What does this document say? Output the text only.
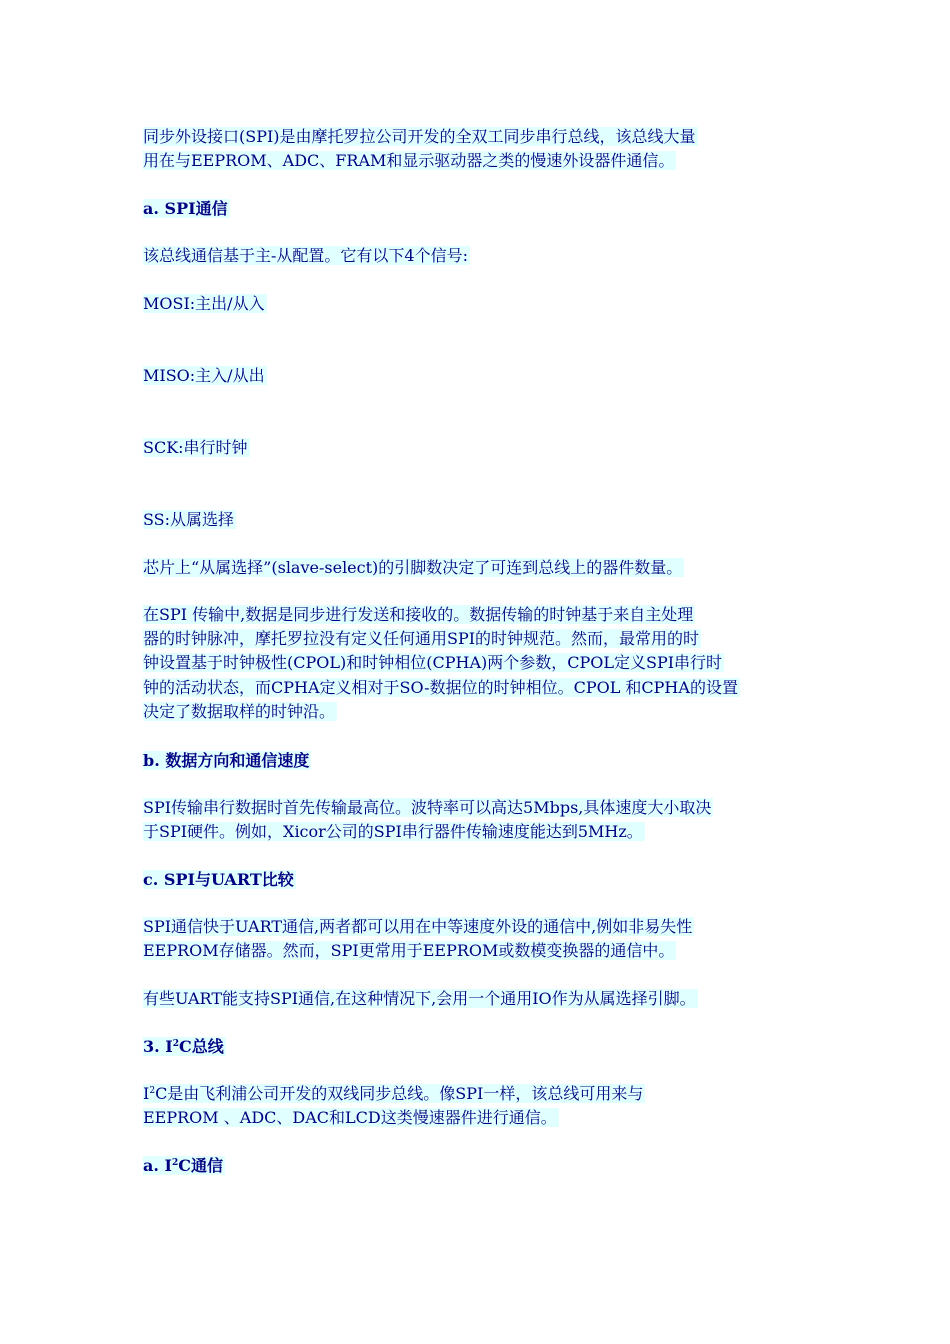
同步外设接口(SPI)是由摩托罗拉公司开发的全双工同步串行总线，该总线大量

用在与EEPROM、ADC、FRAM和显示驱动器之类的慢速外设器件通信。

a. SPI通信

该总线通信基于主-从配置。它有以下4个信号:

MOSI:主出/从入

MISO:主入/从出

SCK:串行时钟

SS:从属选择

芯片上“从属选择”(slave-select)的引脚数决定了可连到总线上的器件数量。

在SPI 传输中,数据是同步进行发送和接收的。数据传输的时钟基于来自主处理

器的时钟脉冲，摩托罗拉没有定义任何通用SPI的时钟规范。然而，最常用的时

钟设置基于时钟极性(CPOL)和时钟相位(CPHA)两个参数，CPOL定义SPI串行时

钟的活动状态，而CPHA定义相对于SO-数据位的时钟相位。CPOL 和CPHA的设置

决定了数据取样的时钟沿。

b. 数据方向和通信速度

SPI传输串行数据时首先传输最高位。波特率可以高达5Mbps,具体速度大小取决

于SPI硬件。例如，Xicor公司的SPI串行器件传输速度能达到5MHz。

c. SPI与UART比较

SPI通信快于UART通信,两者都可以用在中等速度外设的通信中,例如非易失性

EEPROM存储器。然而，SPI更常用于EEPROM或数模变换器的通信中。

有些UART能支持SPI通信,在这种情况下,会用一个通用IO作为从属选择引脚。

3. $I^2C$总线

$I^2C$是由飞利浦公司开发的双线同步总线。像SPI一样，该总线可用来与

EEPROM 、ADC、DAC和LCD这类慢速器件进行通信。

a. $I^2C$通信
